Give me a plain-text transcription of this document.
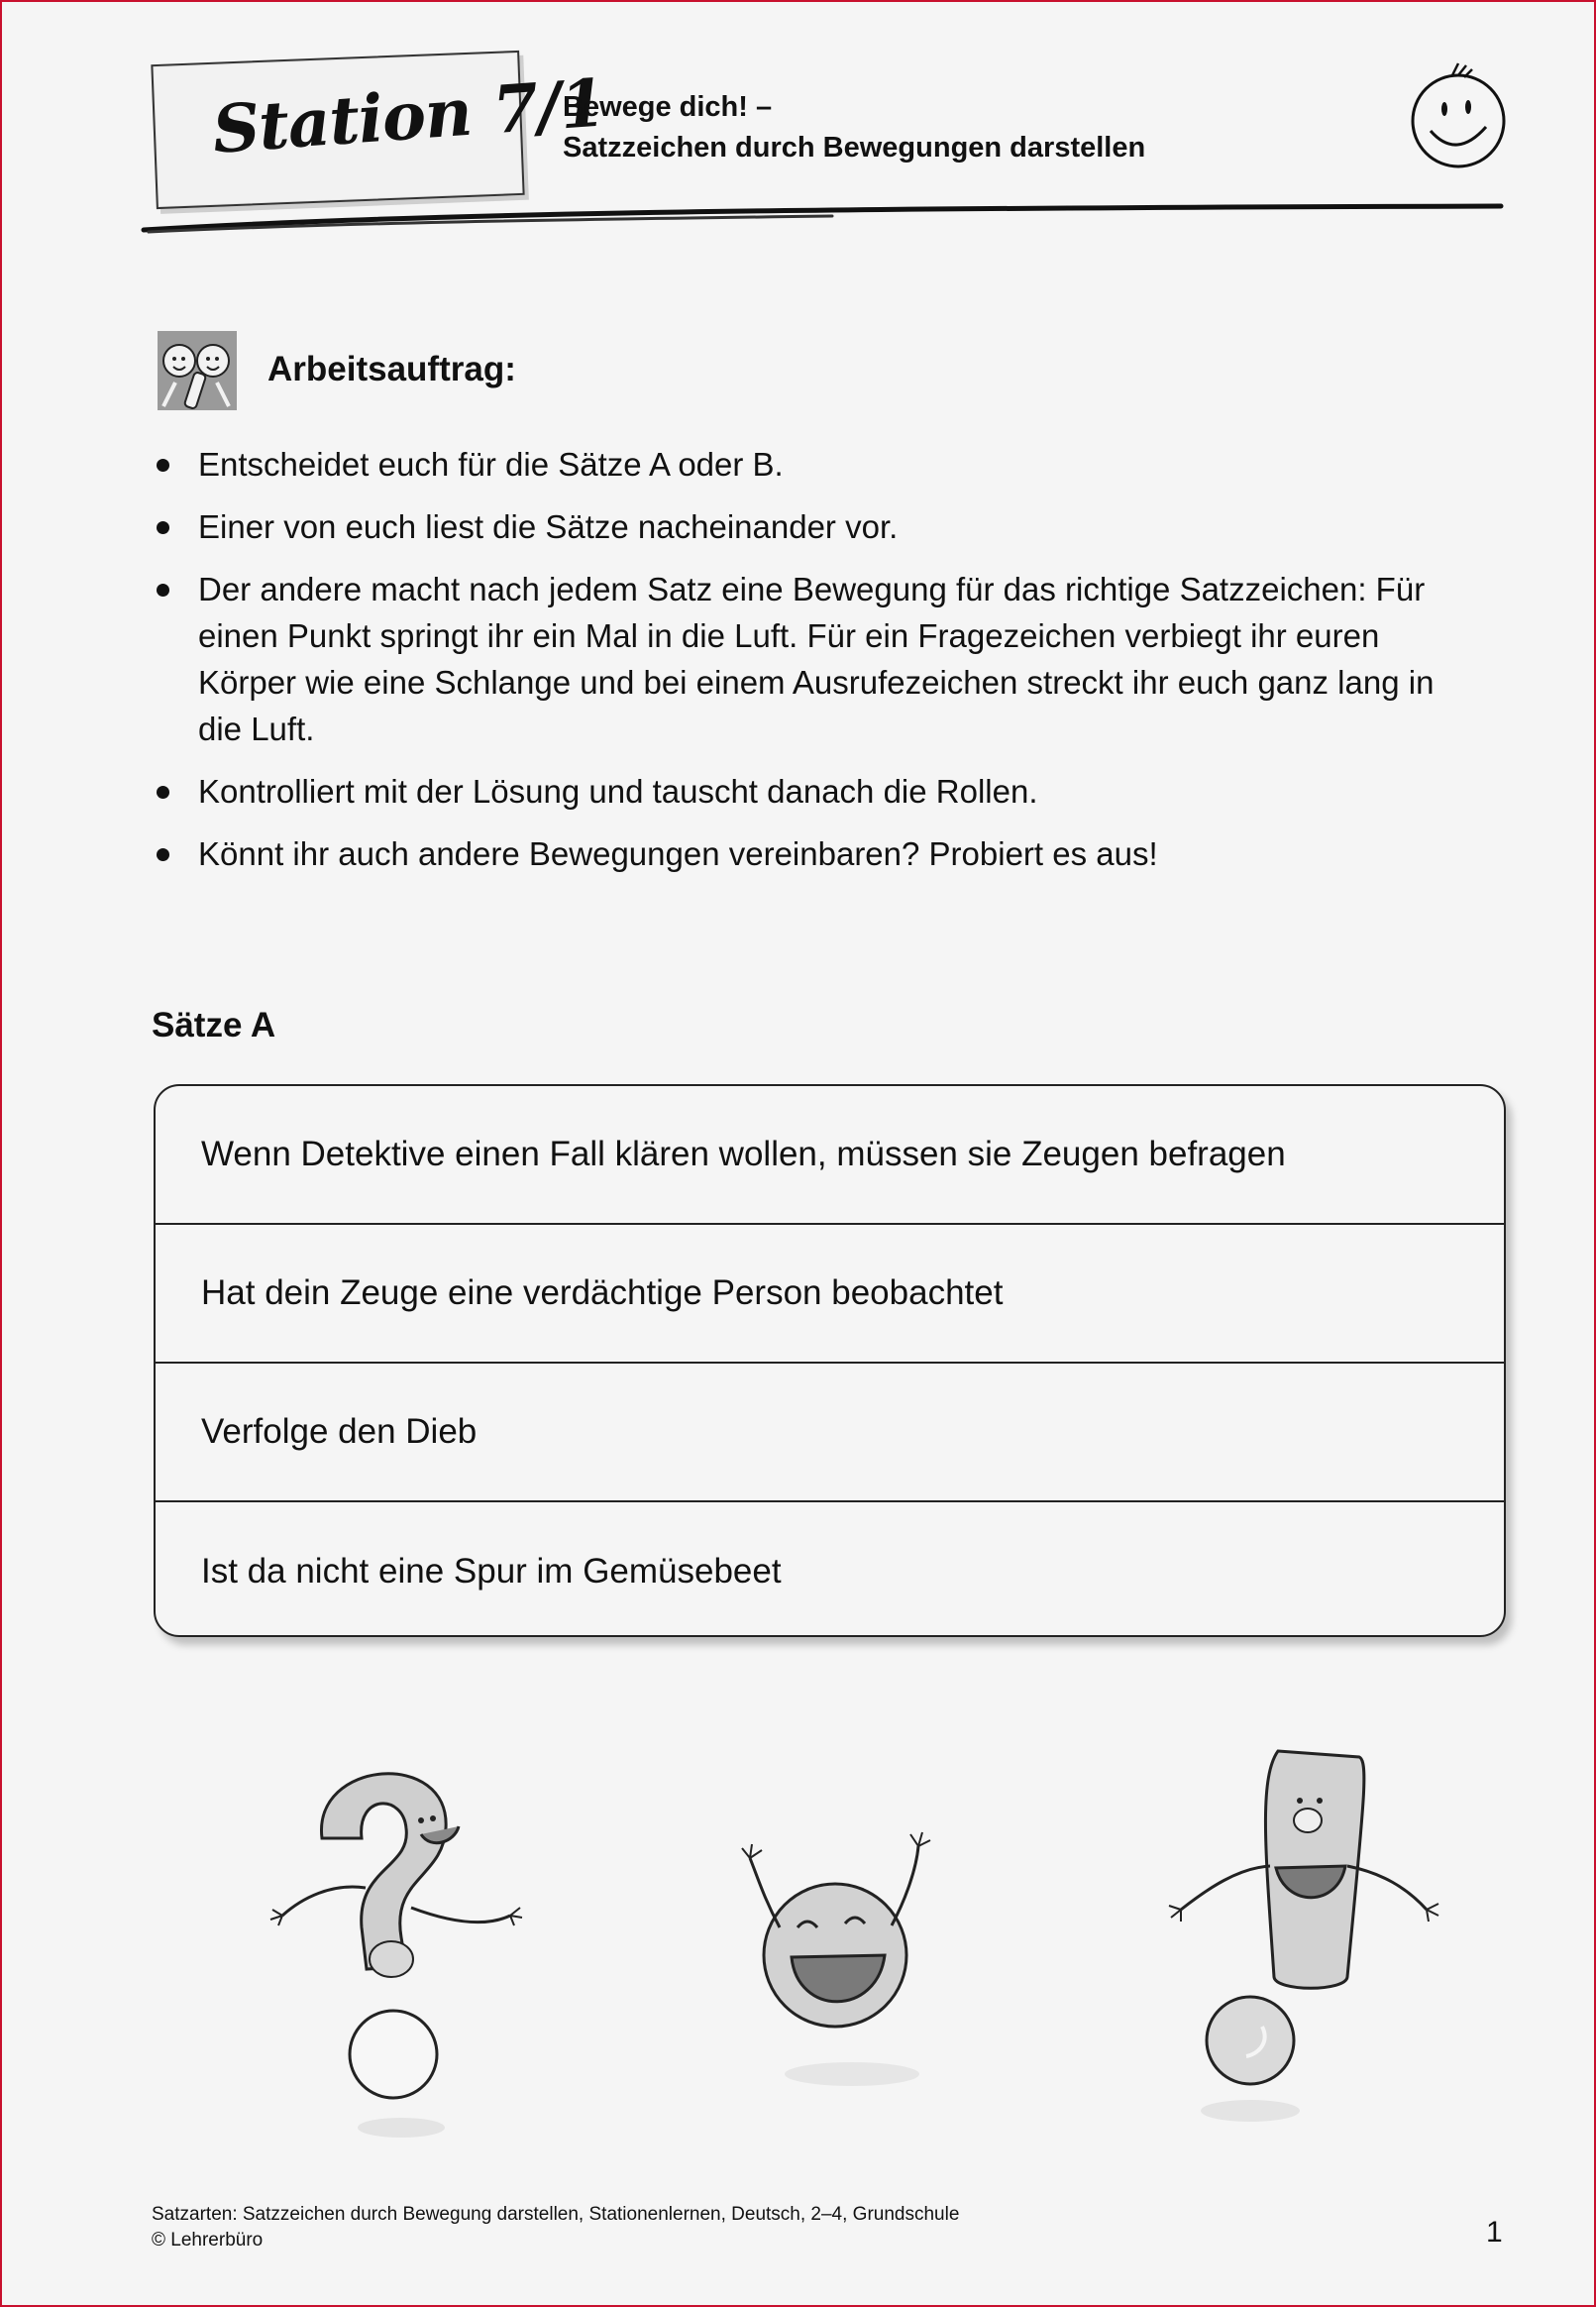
Station 7/1
Bewege dich! –
Satzzeichen durch Bewegungen darstellen
Arbeitsauftrag:
Entscheidet euch für die Sätze A oder B.
Einer von euch liest die Sätze nacheinander vor.
Der andere macht nach jedem Satz eine Bewegung für das richtige Satzzeichen: Für einen Punkt springt ihr ein Mal in die Luft. Für ein Fragezeichen verbiegt ihr euren Körper wie eine Schlange und bei einem Ausrufezeichen streckt ihr euch ganz lang in die Luft.
Kontrolliert mit der Lösung und tauscht danach die Rollen.
Könnt ihr auch andere Bewegungen vereinbaren? Probiert es aus!
Sätze A
Wenn Detektive einen Fall klären wollen, müssen sie Zeugen befragen
Hat dein Zeuge eine verdächtige Person beobachtet
Verfolge den Dieb
Ist da nicht eine Spur im Gemüsebeet
Satzarten: Satzzeichen durch Bewegung darstellen, Stationenlernen, Deutsch, 2–4, Grundschule
© Lehrerbüro	1
